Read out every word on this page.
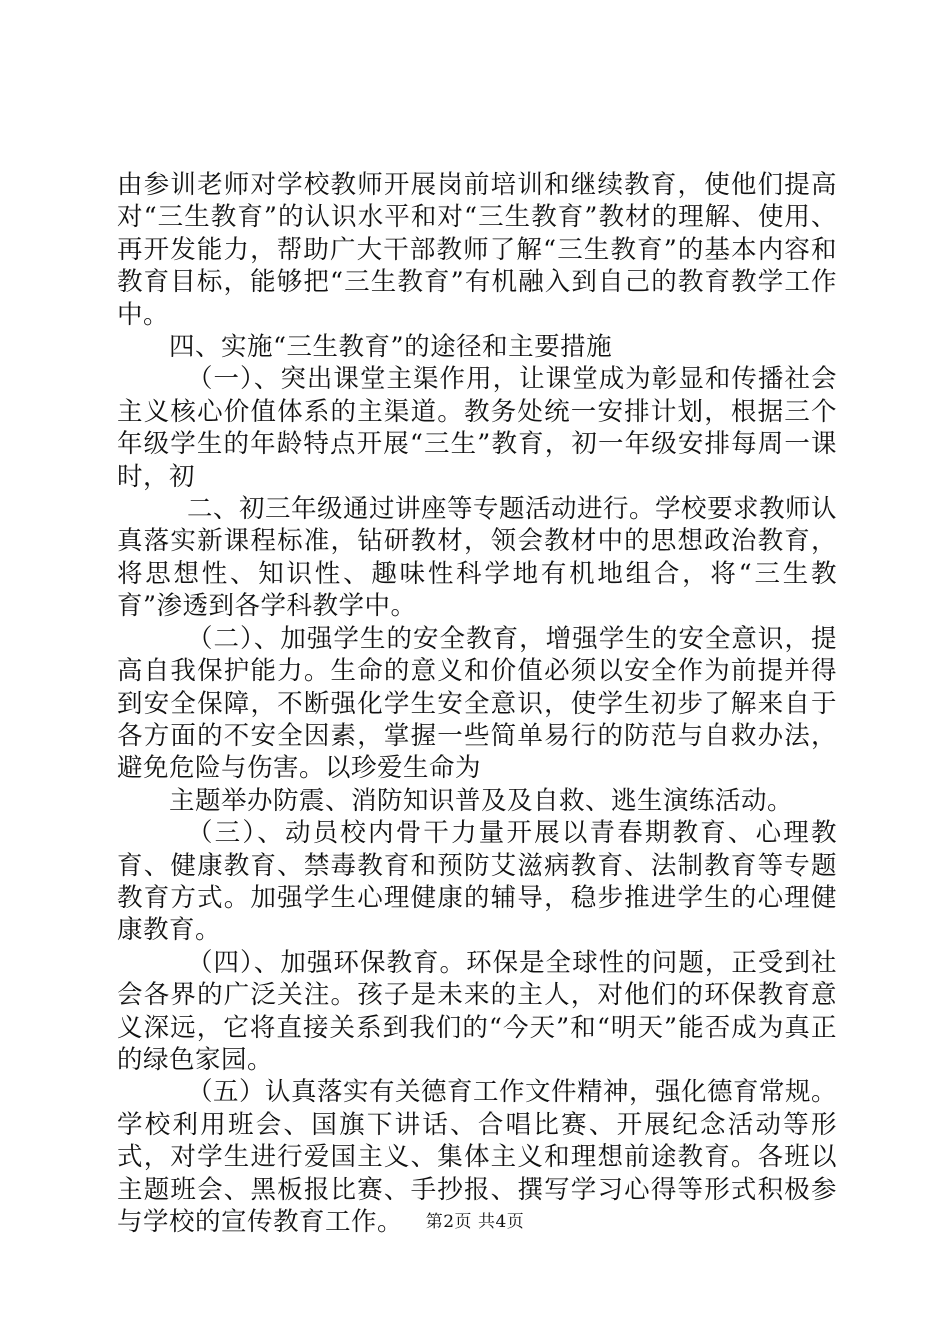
由参训老师对学校教师开展岗前培训和继续教育，使他们提高对“三生教育”的认识水平和对“三生教育”教材的理解、使用、再开发能力，帮助广大干部教师了解“三生教育”的基本内容和教育目标，能够把“三生教育”有机融入到自己的教育教学工作中。

四、实施“三生教育”的途径和主要措施

（一）、突出课堂主渠作用，让课堂成为彰显和传播社会主义核心价值体系的主渠道。教务处统一安排计划，根据三个年级学生的年龄特点开展“三生”教育，初一年级安排每周一课时，初

二、初三年级通过讲座等专题活动进行。学校要求教师认真落实新课程标准，钻研教材，领会教材中的思想政治教育，将思想性、知识性、趣味性科学地有机地组合，将“三生教育”渗透到各学科教学中。

（二）、加强学生的安全教育，增强学生的安全意识，提高自我保护能力。生命的意义和价值必须以安全作为前提并得到安全保障，不断强化学生安全意识，使学生初步了解来自于各方面的不安全因素，掌握一些简单易行的防范与自救办法，避免危险与伤害。以珍爱生命为

主题举办防震、消防知识普及及自救、逃生演练活动。

（三）、动员校内骨干力量开展以青春期教育、心理教育、健康教育、禁毒教育和预防艾滋病教育、法制教育等专题教育方式。加强学生心理健康的辅导，稳步推进学生的心理健康教育。

（四）、加强环保教育。环保是全球性的问题，正受到社会各界的广泛关注。孩子是未来的主人，对他们的环保教育意义深远，它将直接关系到我们的“今天”和“明天”能否成为真正的绿色家园。

（五）认真落实有关德育工作文件精神，强化德育常规。学校利用班会、国旗下讲话、合唱比赛、开展纪念活动等形式，对学生进行爱国主义、集体主义和理想前途教育。各班以主题班会、黑板报比赛、手抄报、撰写学习心得等形式积极参与学校的宣传教育工作。	第2页 共4页
